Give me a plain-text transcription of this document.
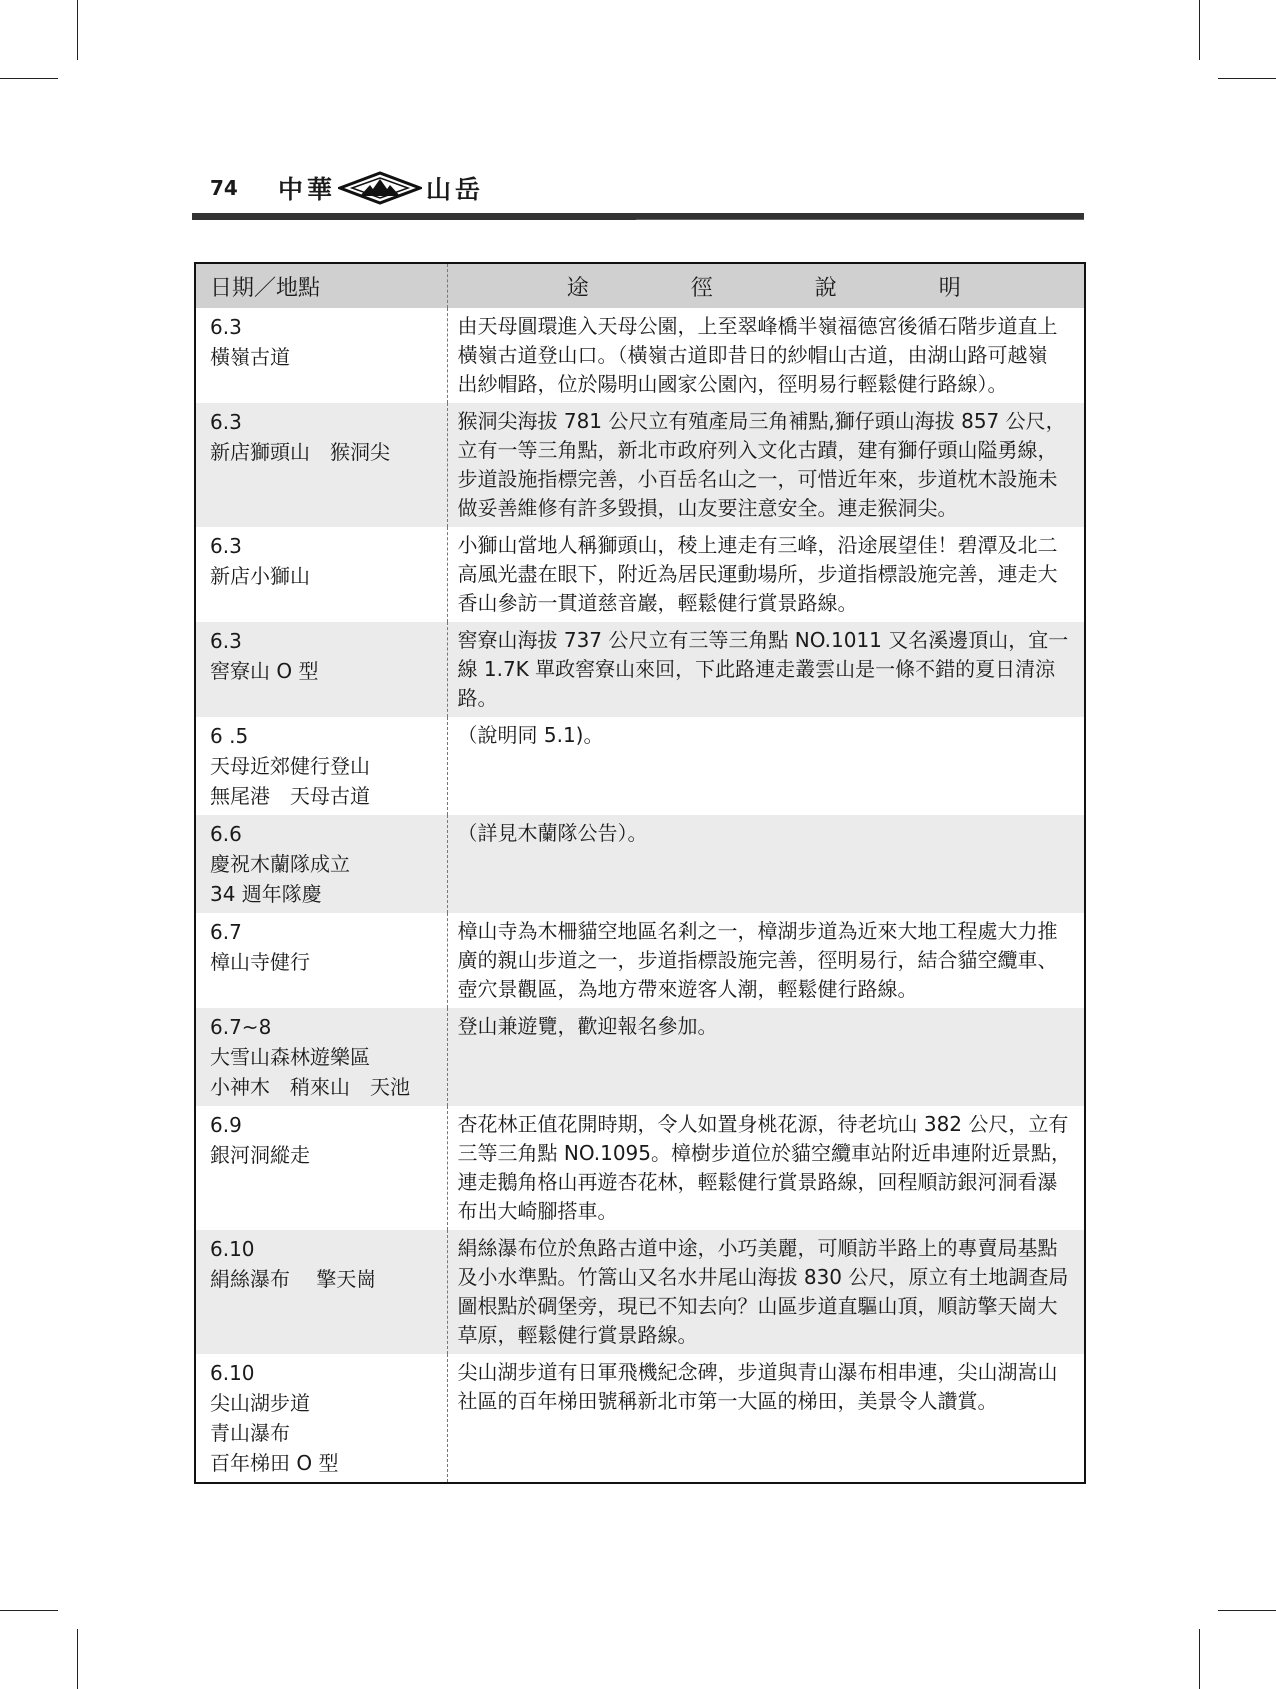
74 中華	山岳
日期／地點	途　徑　說　明

6.3
橫嶺古道	由天母圓環進入天母公園，上至翠峰橋半嶺福德宮後循石階步道直上
橫嶺古道登山口。（橫嶺古道即昔日的紗帽山古道，由湖山路可越嶺
出紗帽路，位於陽明山國家公園內，徑明易行輕鬆健行路線）。

6.3
新店獅頭山　猴洞尖	猴洞尖海拔 781 公尺立有殖產局三角補點,獅仔頭山海拔 857 公尺，
立有一等三角點，新北市政府列入文化古蹟，建有獅仔頭山隘勇線，
步道設施指標完善，小百岳名山之一，可惜近年來，步道枕木設施未
做妥善維修有許多毀損，山友要注意安全。連走猴洞尖。

6.3
新店小獅山	小獅山當地人稱獅頭山，稜上連走有三峰，沿途展望佳！碧潭及北二
高風光盡在眼下，附近為居民運動場所，步道指標設施完善，連走大
香山參訪一貫道慈音巖，輕鬆健行賞景路線。

6.3
窖寮山 O 型	窖寮山海拔 737 公尺立有三等三角點 NO.1011 又名溪邊頂山，宜一
線 1.7K 單政窖寮山來回，下此路連走叢雲山是一條不錯的夏日清涼
路。

6 .5
天母近郊健行登山
無尾港　天母古道	（說明同 5.1)。

6.6
慶祝木蘭隊成立
34 週年隊慶	（詳見木蘭隊公告）。

6.7
樟山寺健行	樟山寺為木柵貓空地區名剎之一，樟湖步道為近來大地工程處大力推
廣的親山步道之一，步道指標設施完善，徑明易行，結合貓空纜車、
壺穴景觀區，為地方帶來遊客人潮，輕鬆健行路線。

6.7~8
大雪山森林遊樂區
小神木　稍來山　天池	登山兼遊覽，歡迎報名參加。

6.9
銀河洞縱走	杏花林正值花開時期，令人如置身桃花源，待老坑山 382 公尺，立有
三等三角點 NO.1095。樟樹步道位於貓空纜車站附近串連附近景點，
連走鵝角格山再遊杏花林，輕鬆健行賞景路線，回程順訪銀河洞看瀑
布出大崎腳搭車。

6.10
絹絲瀑布　 擎天崗	絹絲瀑布位於魚路古道中途，小巧美麗，可順訪半路上的專賣局基點
及小水準點。竹篙山又名水井尾山海拔 830 公尺，原立有土地調查局
圖根點於碉堡旁，現已不知去向？山區步道直驅山頂，順訪擎天崗大
草原，輕鬆健行賞景路線。

6.10
尖山湖步道
青山瀑布
百年梯田 O 型	尖山湖步道有日軍飛機紀念碑，步道與青山瀑布相串連，尖山湖嵩山
社區的百年梯田號稱新北市第一大區的梯田，美景令人讚賞。
